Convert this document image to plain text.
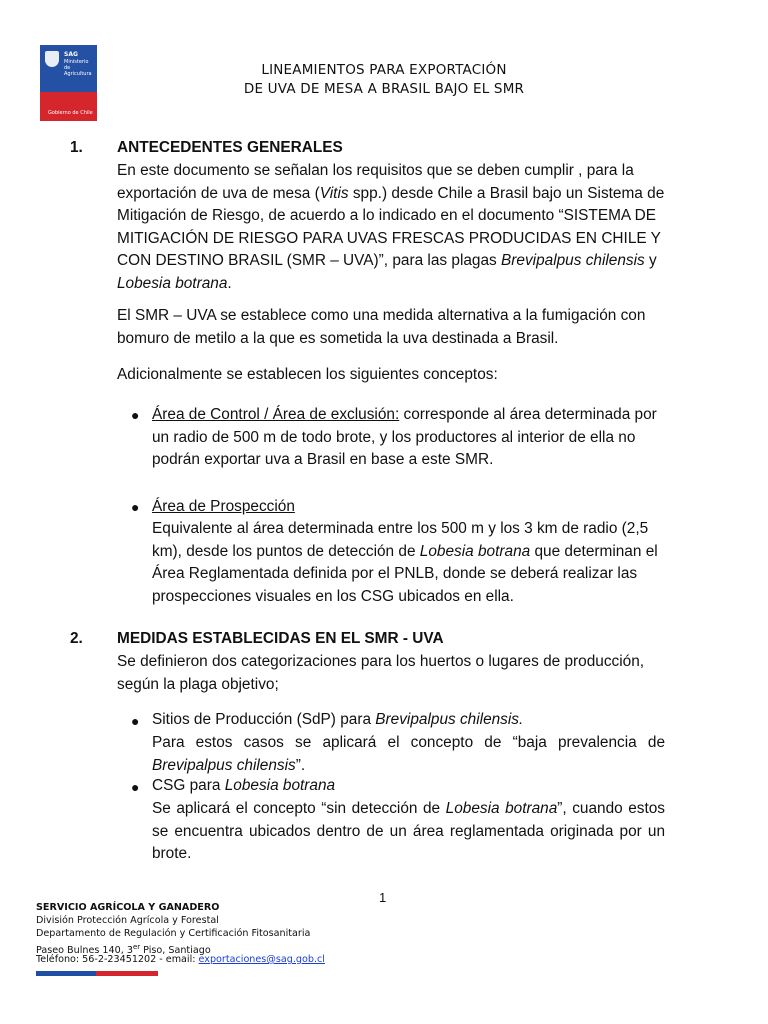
SAG
Ministerio de Agricultura
Gobierno de Chile
LINEAMIENTOS PARA EXPORTACIÓN
DE UVA DE MESA A BRASIL BAJO EL SMR
1. ANTECEDENTES GENERALES
En este documento se señalan los requisitos que se deben cumplir , para la exportación de uva de mesa (Vitis spp.) desde Chile a Brasil bajo un Sistema de Mitigación de Riesgo, de acuerdo a lo indicado en el documento “SISTEMA DE MITIGACIÓN DE RIESGO PARA UVAS FRESCAS PRODUCIDAS EN CHILE Y CON DESTINO BRASIL (SMR – UVA)”, para las plagas Brevipalpus chilensis y Lobesia botrana.
El SMR – UVA se establece como una medida alternativa a la fumigación con bomuro de metilo a la que es sometida la uva destinada a Brasil.
Adicionalmente se establecen los siguientes conceptos:
● Área de Control / Área de exclusión: corresponde al área determinada por un radio de 500 m de todo brote, y los productores al interior de ella no podrán exportar uva a Brasil en base a este SMR.
● Área de Prospección
Equivalente al área determinada entre los 500 m y los 3 km de radio (2,5 km), desde los puntos de detección de Lobesia botrana que determinan el Área Reglamentada definida por el PNLB, donde se deberá realizar las prospecciones visuales en los CSG ubicados en ella.
2. MEDIDAS ESTABLECIDAS EN EL SMR - UVA
Se definieron dos categorizaciones para los huertos o lugares de producción, según la plaga objetivo;
● Sitios de Producción (SdP) para Brevipalpus chilensis.
Para estos casos se aplicará el concepto de “baja prevalencia de Brevipalpus chilensis”.
● CSG para Lobesia botrana
Se aplicará el concepto “sin detección de Lobesia botrana”, cuando estos se encuentra ubicados dentro de un área reglamentada originada por un brote.
1
SERVICIO AGRÍCOLA Y GANADERO
División Protección Agrícola y Forestal
Departamento de Regulación y Certificación Fitosanitaria
Paseo Bulnes 140, 3er Piso, Santiago
Teléfono: 56-2-23451202 - email: exportaciones@sag.gob.cl
